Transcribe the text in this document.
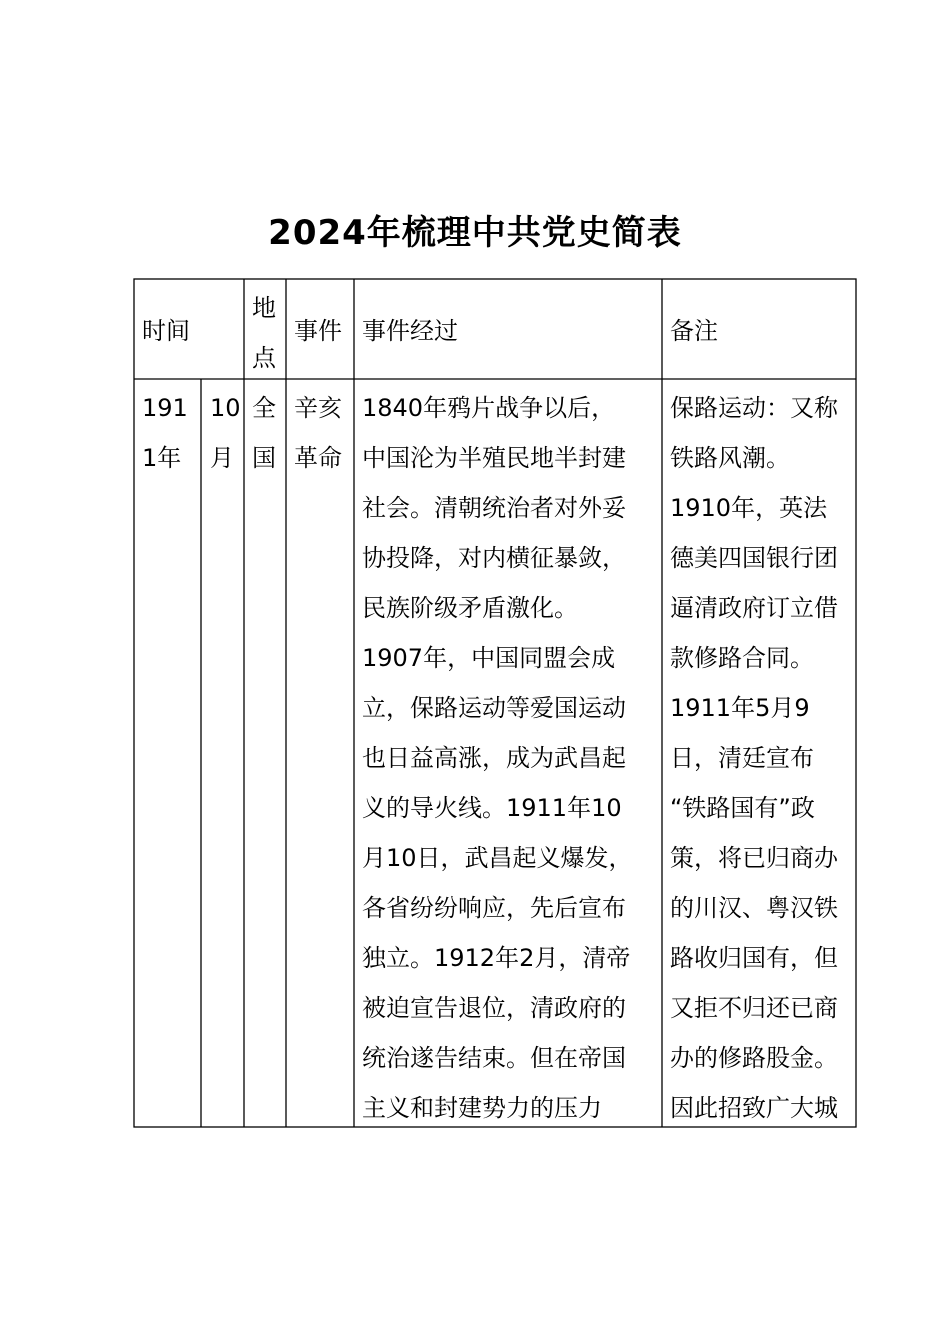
2024年梳理中共党史简表
时间
地
点
事件 事件经过	备注
191
1年
10
月
全
国
辛亥
革命
1840年鸦片战争以后，
中国沦为半殖民地半封建
社会。清朝统治者对外妥
协投降，对内横征暴敛，
民族阶级矛盾激化。
1907年，中国同盟会成
立，保路运动等爱国运动
也日益高涨，成为武昌起
义的导火线。1911年10
月10日，武昌起义爆发，
各省纷纷响应，先后宣布
独立。1912年2月，清帝
被迫宣告退位，清政府的
统治遂告结束。但在帝国
主义和封建势力的压力
保路运动：又称
铁路风潮。
1910年，英法
德美四国银行团
逼清政府订立借
款修路合同。
1911年5月9
日，清廷宣布
“铁路国有”政
策，将已归商办
的川汉、粤汉铁
路收归国有，但
又拒不归还已商
办的修路股金。
因此招致广大城
